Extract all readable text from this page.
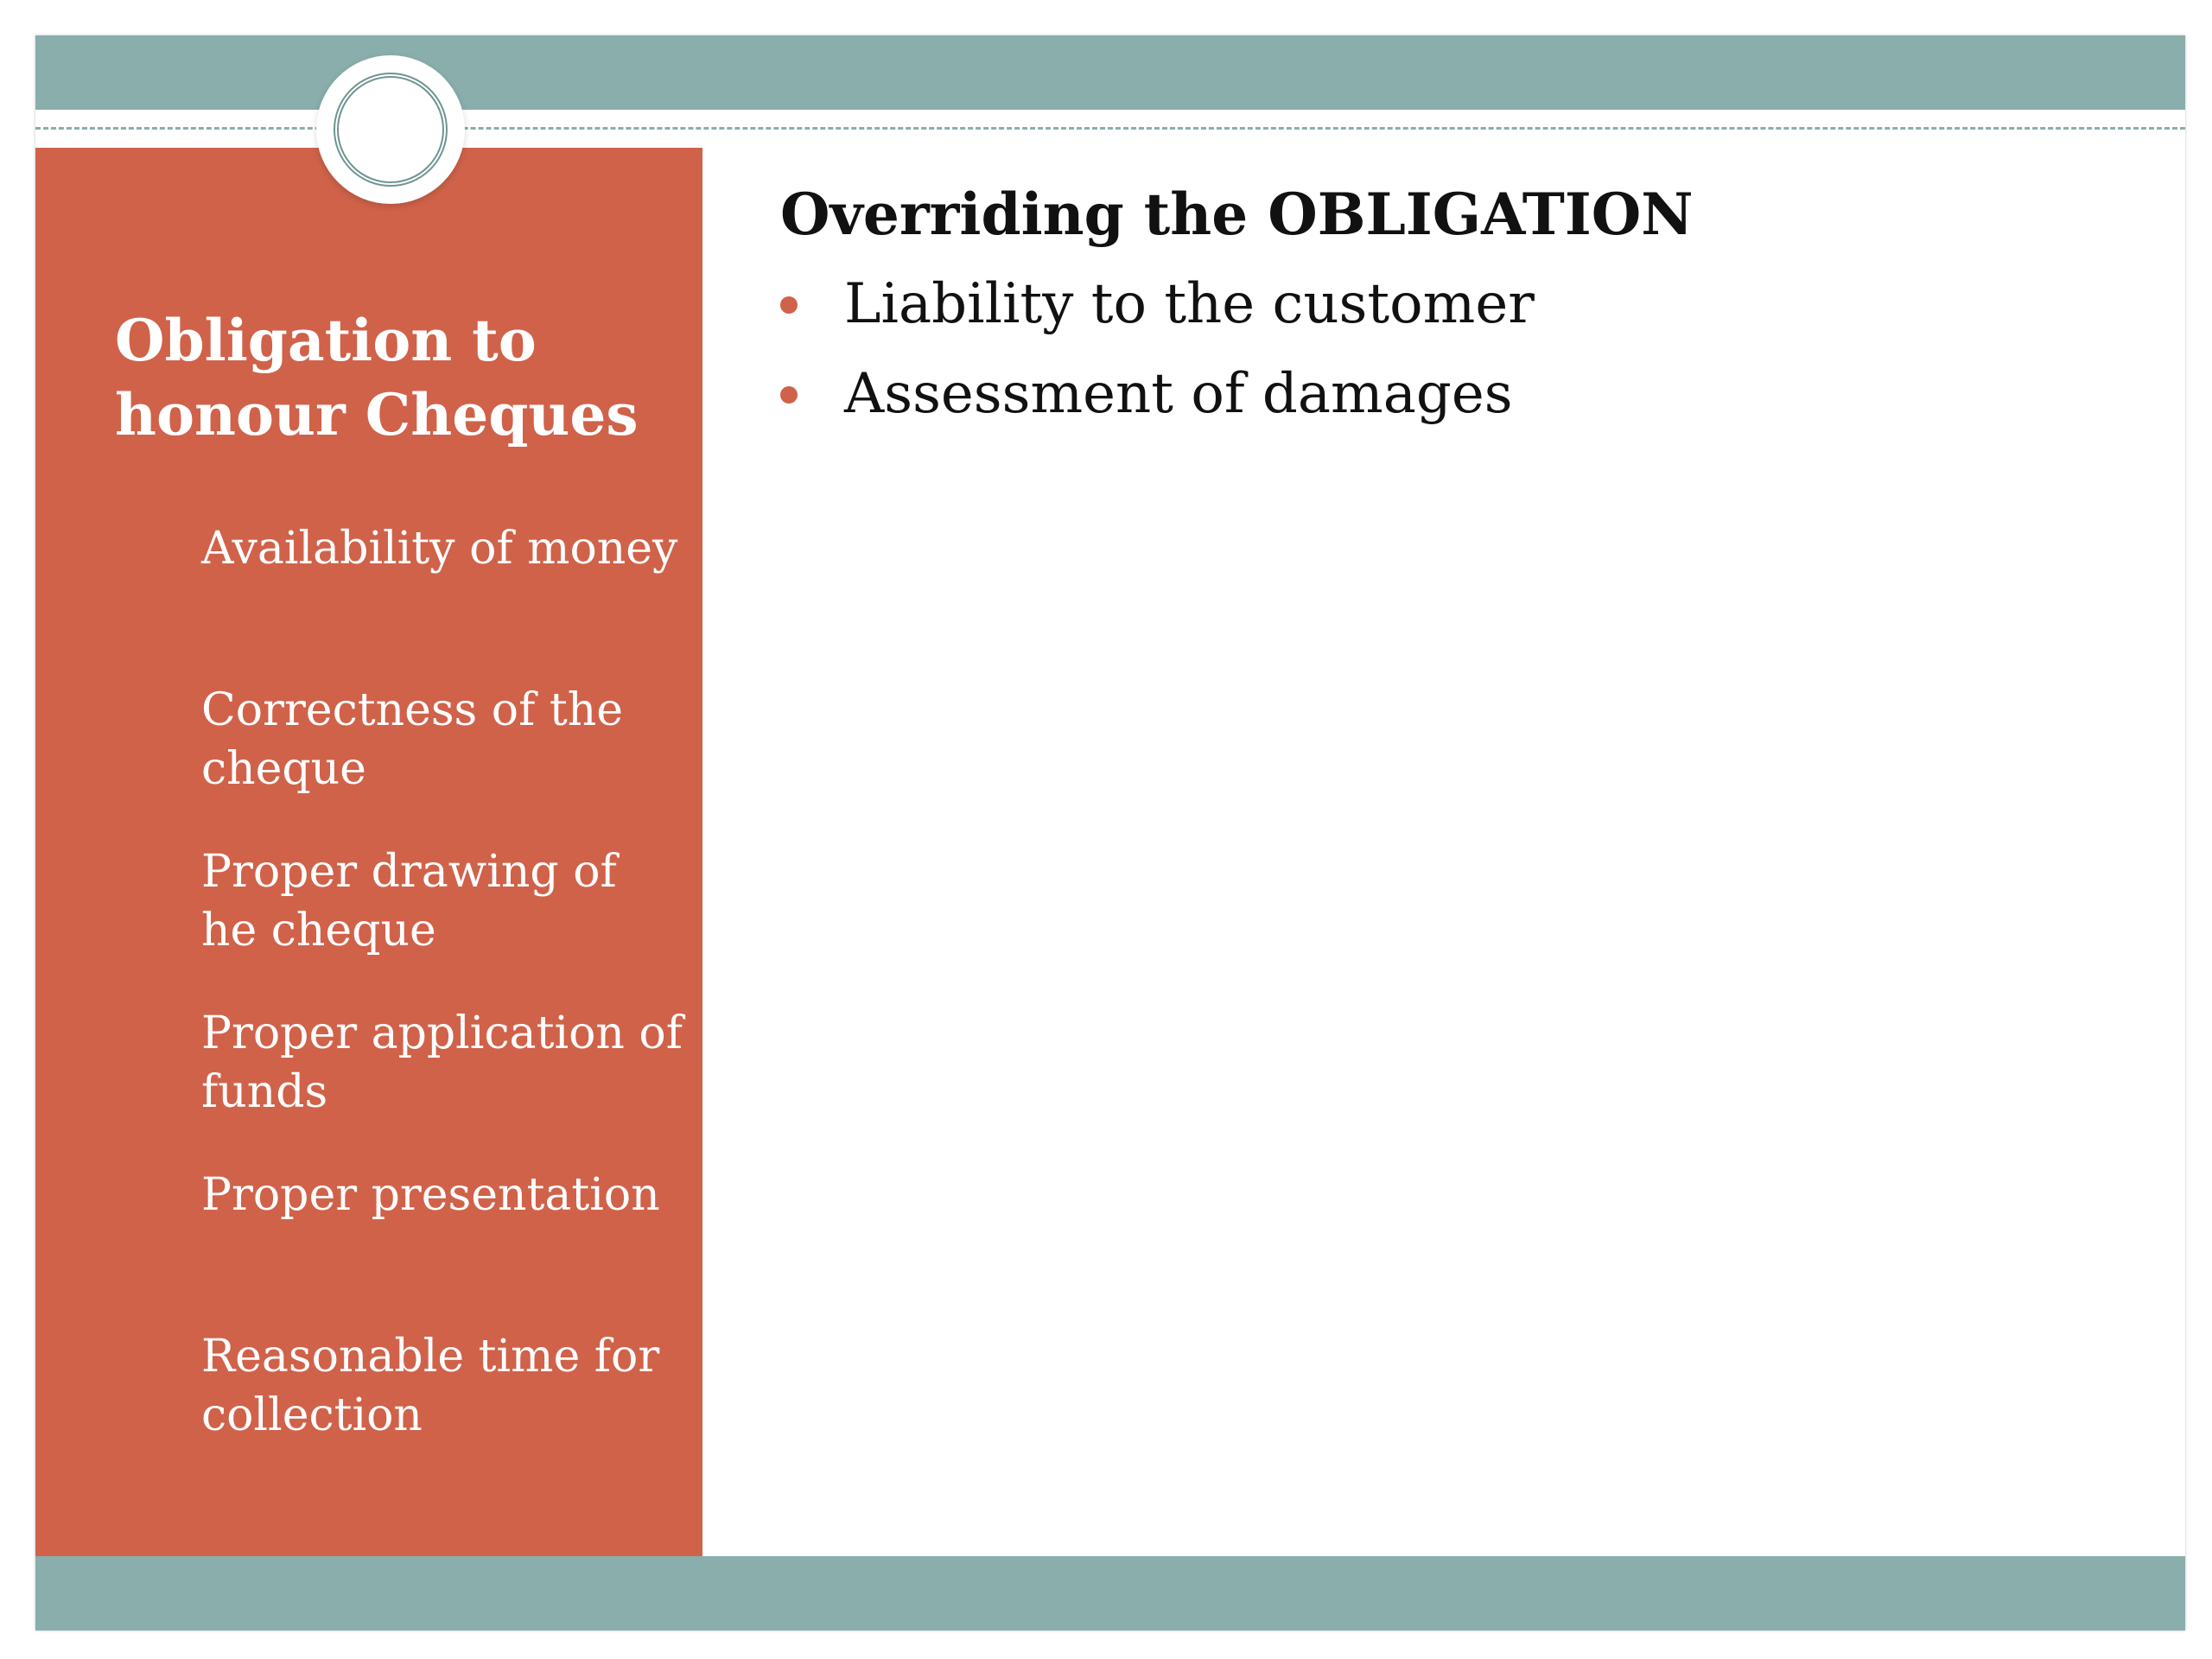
Obligation to honour Cheques
Availability of money
Correctness of the cheque
Proper drawing of he cheque
Proper application of funds
Proper presentation
Reasonable time for collection
Overriding the OBLIGATION
Liability to the customer
Assessment of damages
